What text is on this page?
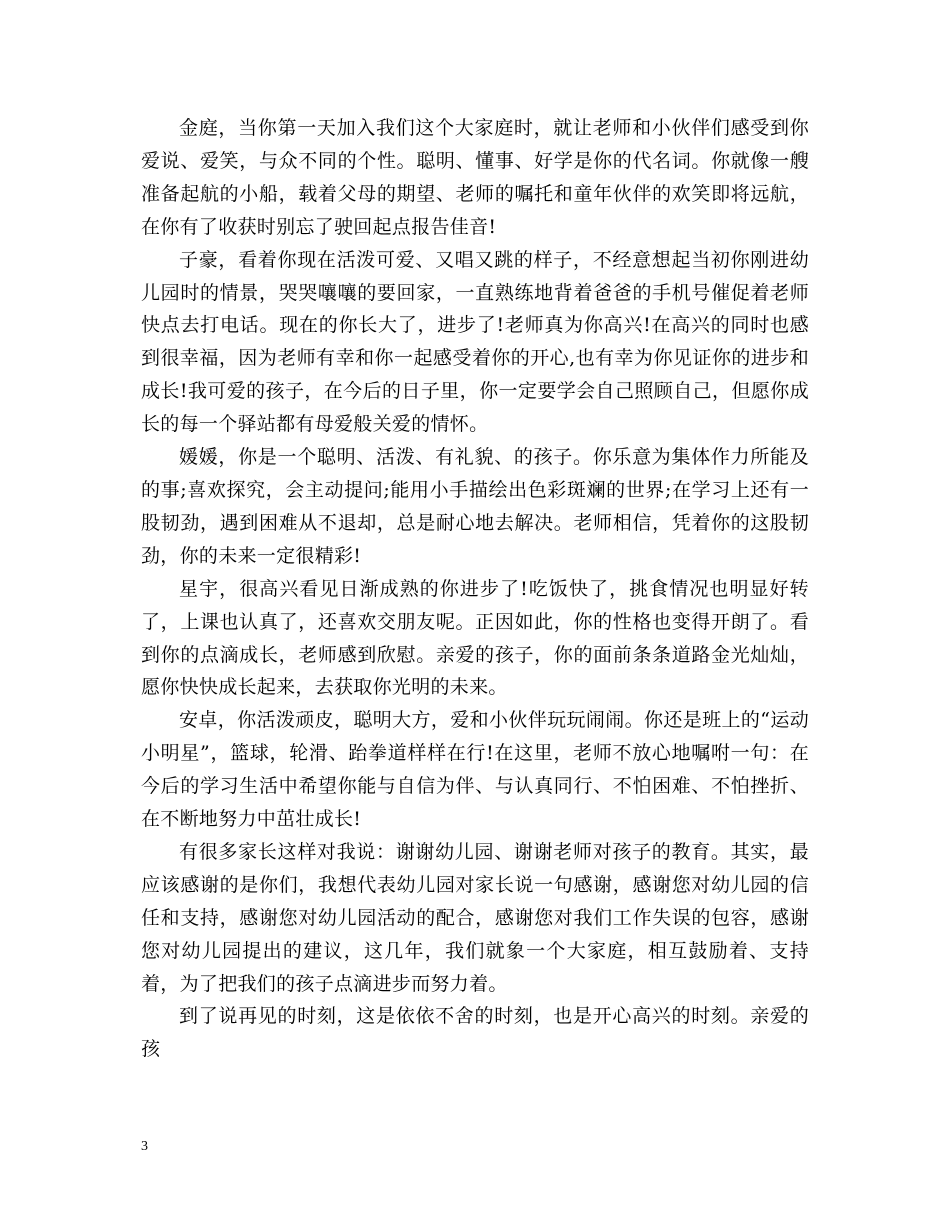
金庭，当你第一天加入我们这个大家庭时，就让老师和小伙伴们感受到你爱说、爱笑，与众不同的个性。聪明、懂事、好学是你的代名词。你就像一艘准备起航的小船，载着父母的期望、老师的嘱托和童年伙伴的欢笑即将远航，在你有了收获时别忘了驶回起点报告佳音!

子豪，看着你现在活泼可爱、又唱又跳的样子，不经意想起当初你刚进幼儿园时的情景，哭哭嚷嚷的要回家，一直熟练地背着爸爸的手机号催促着老师快点去打电话。现在的你长大了，进步了!老师真为你高兴!在高兴的同时也感到很幸福，因为老师有幸和你一起感受着你的开心,也有幸为你见证你的进步和成长!我可爱的孩子，在今后的日子里，你一定要学会自己照顾自己，但愿你成长的每一个驿站都有母爱般关爱的情怀。

媛媛，你是一个聪明、活泼、有礼貌、的孩子。你乐意为集体作力所能及的事;喜欢探究，会主动提问;能用小手描绘出色彩斑斓的世界;在学习上还有一股韧劲，遇到困难从不退却，总是耐心地去解决。老师相信，凭着你的这股韧劲，你的未来一定很精彩!

星宇，很高兴看见日渐成熟的你进步了!吃饭快了，挑食情况也明显好转了，上课也认真了，还喜欢交朋友呢。正因如此，你的性格也变得开朗了。看到你的点滴成长，老师感到欣慰。亲爱的孩子，你的面前条条道路金光灿灿，愿你快快成长起来，去获取你光明的未来。

安卓，你活泼顽皮，聪明大方，爱和小伙伴玩玩闹闹。你还是班上的“运动小明星”，篮球，轮滑、跆拳道样样在行!在这里，老师不放心地嘱咐一句：在今后的学习生活中希望你能与自信为伴、与认真同行、不怕困难、不怕挫折、在不断地努力中茁壮成长!

有很多家长这样对我说：谢谢幼儿园、谢谢老师对孩子的教育。其实，最应该感谢的是你们，我想代表幼儿园对家长说一句感谢，感谢您对幼儿园的信任和支持，感谢您对幼儿园活动的配合，感谢您对我们工作失误的包容，感谢您对幼儿园提出的建议，这几年，我们就象一个大家庭，相互鼓励着、支持着，为了把我们的孩子点滴进步而努力着。

到了说再见的时刻，这是依依不舍的时刻，也是开心高兴的时刻。亲爱的孩

3
